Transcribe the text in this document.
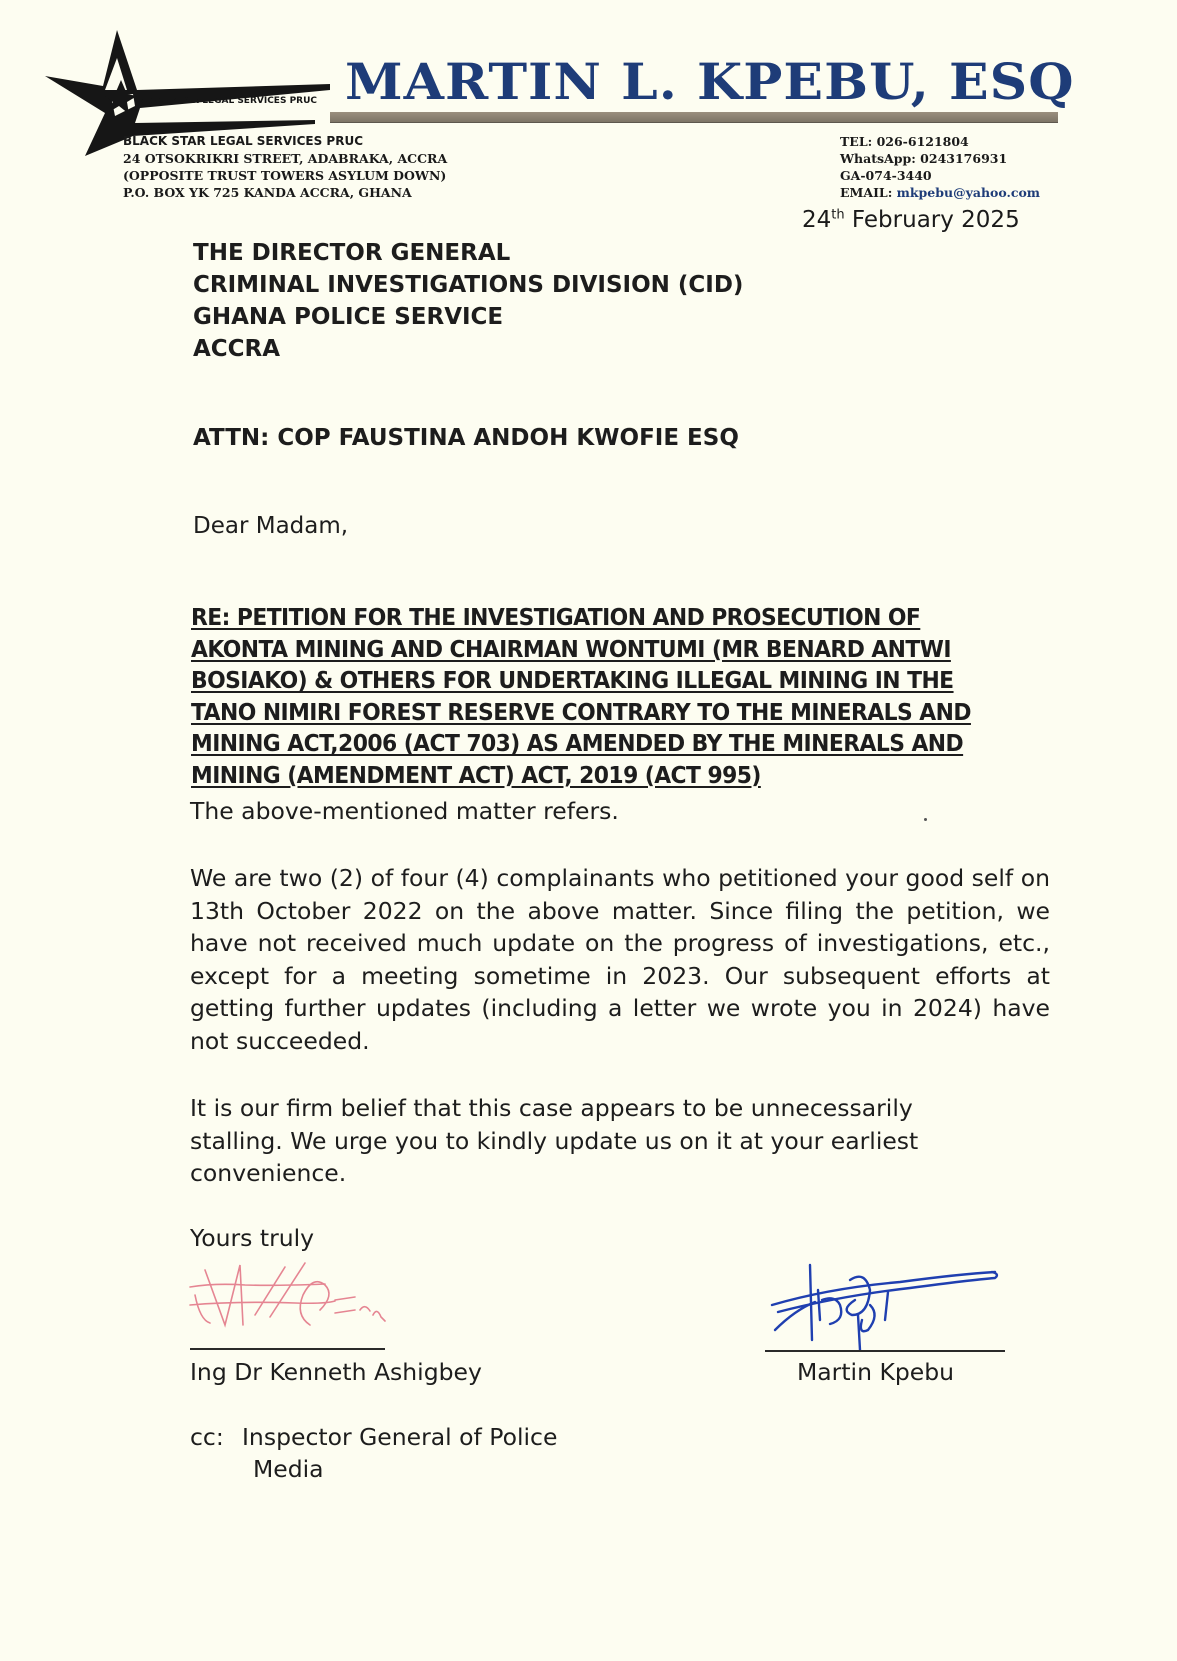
BLACK STAR LEGAL SERVICES PRUC MARTIN L. KPEBU, ESQ
BLACK STAR LEGAL SERVICES PRUC
24 OTSOKRIKRI STREET, ADABRAKA, ACCRA
(OPPOSITE TRUST TOWERS ASYLUM DOWN)
P.O. BOX YK 725 KANDA ACCRA, GHANA
TEL: 026-6121804
WhatsApp: 0243176931
GA-074-3440
EMAIL: mkpebu@yahoo.com
24th February 2025
THE DIRECTOR GENERAL
CRIMINAL INVESTIGATIONS DIVISION (CID)
GHANA POLICE SERVICE
ACCRA
ATTN: COP FAUSTINA ANDOH KWOFIE ESQ
Dear Madam,
RE: PETITION FOR THE INVESTIGATION AND PROSECUTION OF
AKONTA MINING AND CHAIRMAN WONTUMI (MR BENARD ANTWI
BOSIAKO) & OTHERS FOR UNDERTAKING ILLEGAL MINING IN THE
TANO NIMIRI FOREST RESERVE CONTRARY TO THE MINERALS AND
MINING ACT,2006 (ACT 703) AS AMENDED BY THE MINERALS AND
MINING (AMENDMENT ACT) ACT, 2019 (ACT 995)
The above-mentioned matter refers.
We are two (2) of four (4) complainants who petitioned your good self on 13th October 2022 on the above matter. Since filing the petition, we have not received much update on the progress of investigations, etc., except for a meeting sometime in 2023. Our subsequent efforts at getting further updates (including a letter we wrote you in 2024) have not succeeded.
It is our firm belief that this case appears to be unnecessarily stalling. We urge you to kindly update us on it at your earliest convenience.
Yours truly
Ing Dr Kenneth Ashigbey	Martin Kpebu
cc: Inspector General of Police
Media
